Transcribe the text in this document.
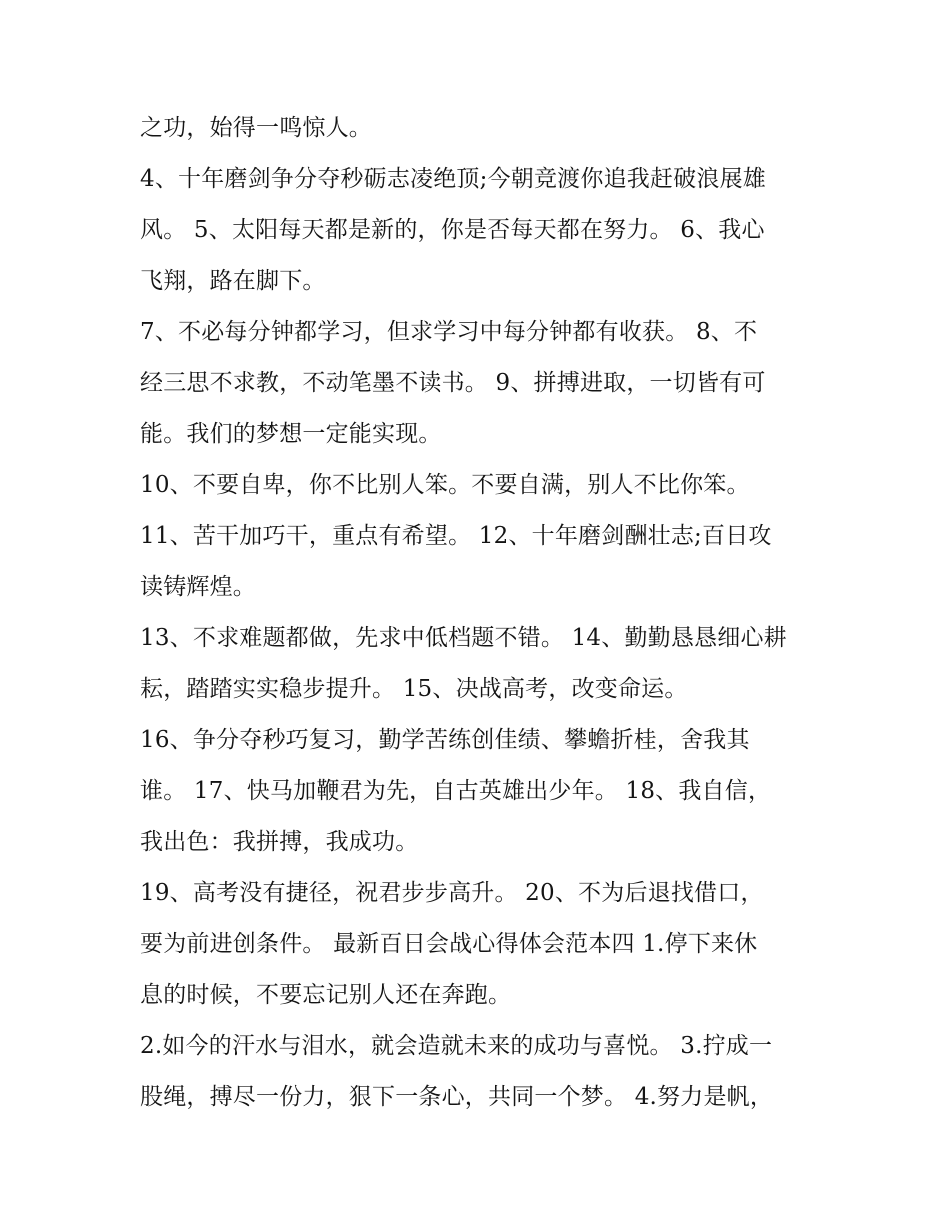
之功，始得一鸣惊人。
4、十年磨剑争分夺秒砺志凌绝顶;今朝竞渡你追我赶破浪展雄
风。 5、太阳每天都是新的，你是否每天都在努力。 6、我心
飞翔，路在脚下。
7、不必每分钟都学习，但求学习中每分钟都有收获。 8、不
经三思不求教，不动笔墨不读书。 9、拼搏进取，一切皆有可
能。我们的梦想一定能实现。
10、不要自卑，你不比别人笨。不要自满，别人不比你笨。
11、苦干加巧干，重点有希望。 12、十年磨剑酬壮志;百日攻
读铸辉煌。
13、不求难题都做，先求中低档题不错。 14、勤勤恳恳细心耕
耘，踏踏实实稳步提升。 15、决战高考，改变命运。
16、争分夺秒巧复习，勤学苦练创佳绩、攀蟾折桂，舍我其
谁。 17、快马加鞭君为先，自古英雄出少年。 18、我自信，
我出色：我拼搏，我成功。
19、高考没有捷径，祝君步步高升。 20、不为后退找借口，
要为前进创条件。 最新百日会战心得体会范本四 1.停下来休
息的时候，不要忘记别人还在奔跑。
2.如今的汗水与泪水，就会造就未来的成功与喜悦。 3.拧成一
股绳，搏尽一份力，狠下一条心，共同一个梦。 4.努力是帆，
